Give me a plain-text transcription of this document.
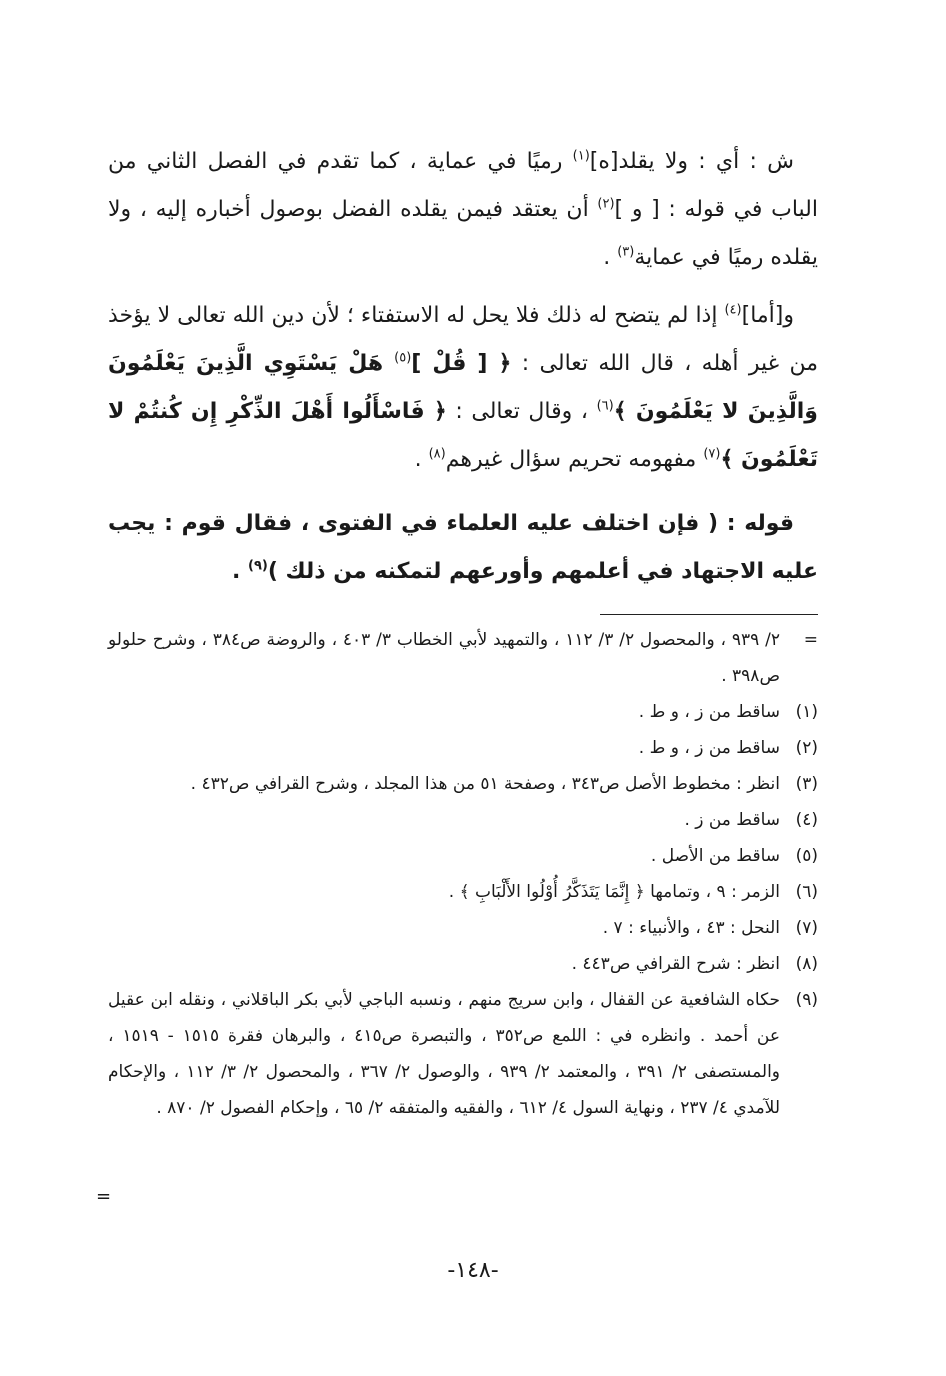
ش : أي : ولا يقلد[ه]$^{(١)}$ رميًا في عماية ، كما تقدم في الفصل الثاني من الباب في قوله : [ و ]$^{(٢)}$ أن يعتقد فيمن يقلده الفضل بوصول أخباره إليه ، ولا يقلده رميًا في عماية$^{(٣)}$ .

و[أما]$^{(٤)}$ إذا لم يتضح له ذلك فلا يحل له الاستفتاء ؛ لأن دين الله تعالى لا يؤخذ من غير أهله ، قال الله تعالى : ﴿ [ قُلْ ]$^{(٥)}$ هَلْ يَسْتَوِي الَّذِينَ يَعْلَمُونَ وَالَّذِينَ لا يَعْلَمُونَ ﴾$^{(٦)}$ ، وقال تعالى : ﴿ فَاسْأَلُوا أَهْلَ الذِّكْرِ إِن كُنتُمْ لا تَعْلَمُونَ ﴾$^{(٧)}$ مفهومه تحريم سؤال غيرهم$^{(٨)}$ .

قوله : ( فإن اختلف عليه العلماء في الفتوى ، فقال قوم : يجب عليه الاجتهاد في أعلمهم وأورعهم لتمكنه من ذلك )$^{(٩)}$ .

=
٢/ ٩٣٩ ، والمحصول ٢/ ٣/ ١١٢ ، والتمهيد لأبي الخطاب ٣/ ٤٠٣ ، والروضة ص٣٨٤ ، وشرح حلولو ص٣٩٨ .
(١)
ساقط من ز ، و ط .
(٢)
ساقط من ز ، و ط .
(٣)
انظر : مخطوط الأصل ص٣٤٣ ، وصفحة ٥١ من هذا المجلد ، وشرح القرافي ص٤٣٢ .
(٤)
ساقط من ز .
(٥)
ساقط من الأصل .
(٦)
الزمر : ٩ ، وتمامها ﴿ إِنَّمَا يَتَذَكَّرُ أُوْلُوا الأَلْبَابِ ﴾ .
(٧)
النحل : ٤٣ ، والأنبياء : ٧ .
(٨)
انظر : شرح القرافي ص٤٤٣ .
(٩)
حكاه الشافعية عن القفال ، وابن سريج منهم ، ونسبه الباجي لأبي بكر الباقلاني ، ونقله ابن عقيل عن أحمد . وانظره في : اللمع ص٣٥٢ ، والتبصرة ص٤١٥ ، والبرهان فقرة ١٥١٥ - ١٥١٩ ، والمستصفى ٢/ ٣٩١ ، والمعتمد ٢/ ٩٣٩ ، والوصول ٢/ ٣٦٧ ، والمحصول ٢/ ٣/ ١١٢ ، والإحكام للآمدي ٤/ ٢٣٧ ، ونهاية السول ٤/ ٦١٢ ، والفقيه والمتفقه ٢/ ٦٥ ، وإحكام الفصول ٢/ ٨٧٠ .
=
-١٤٨-
